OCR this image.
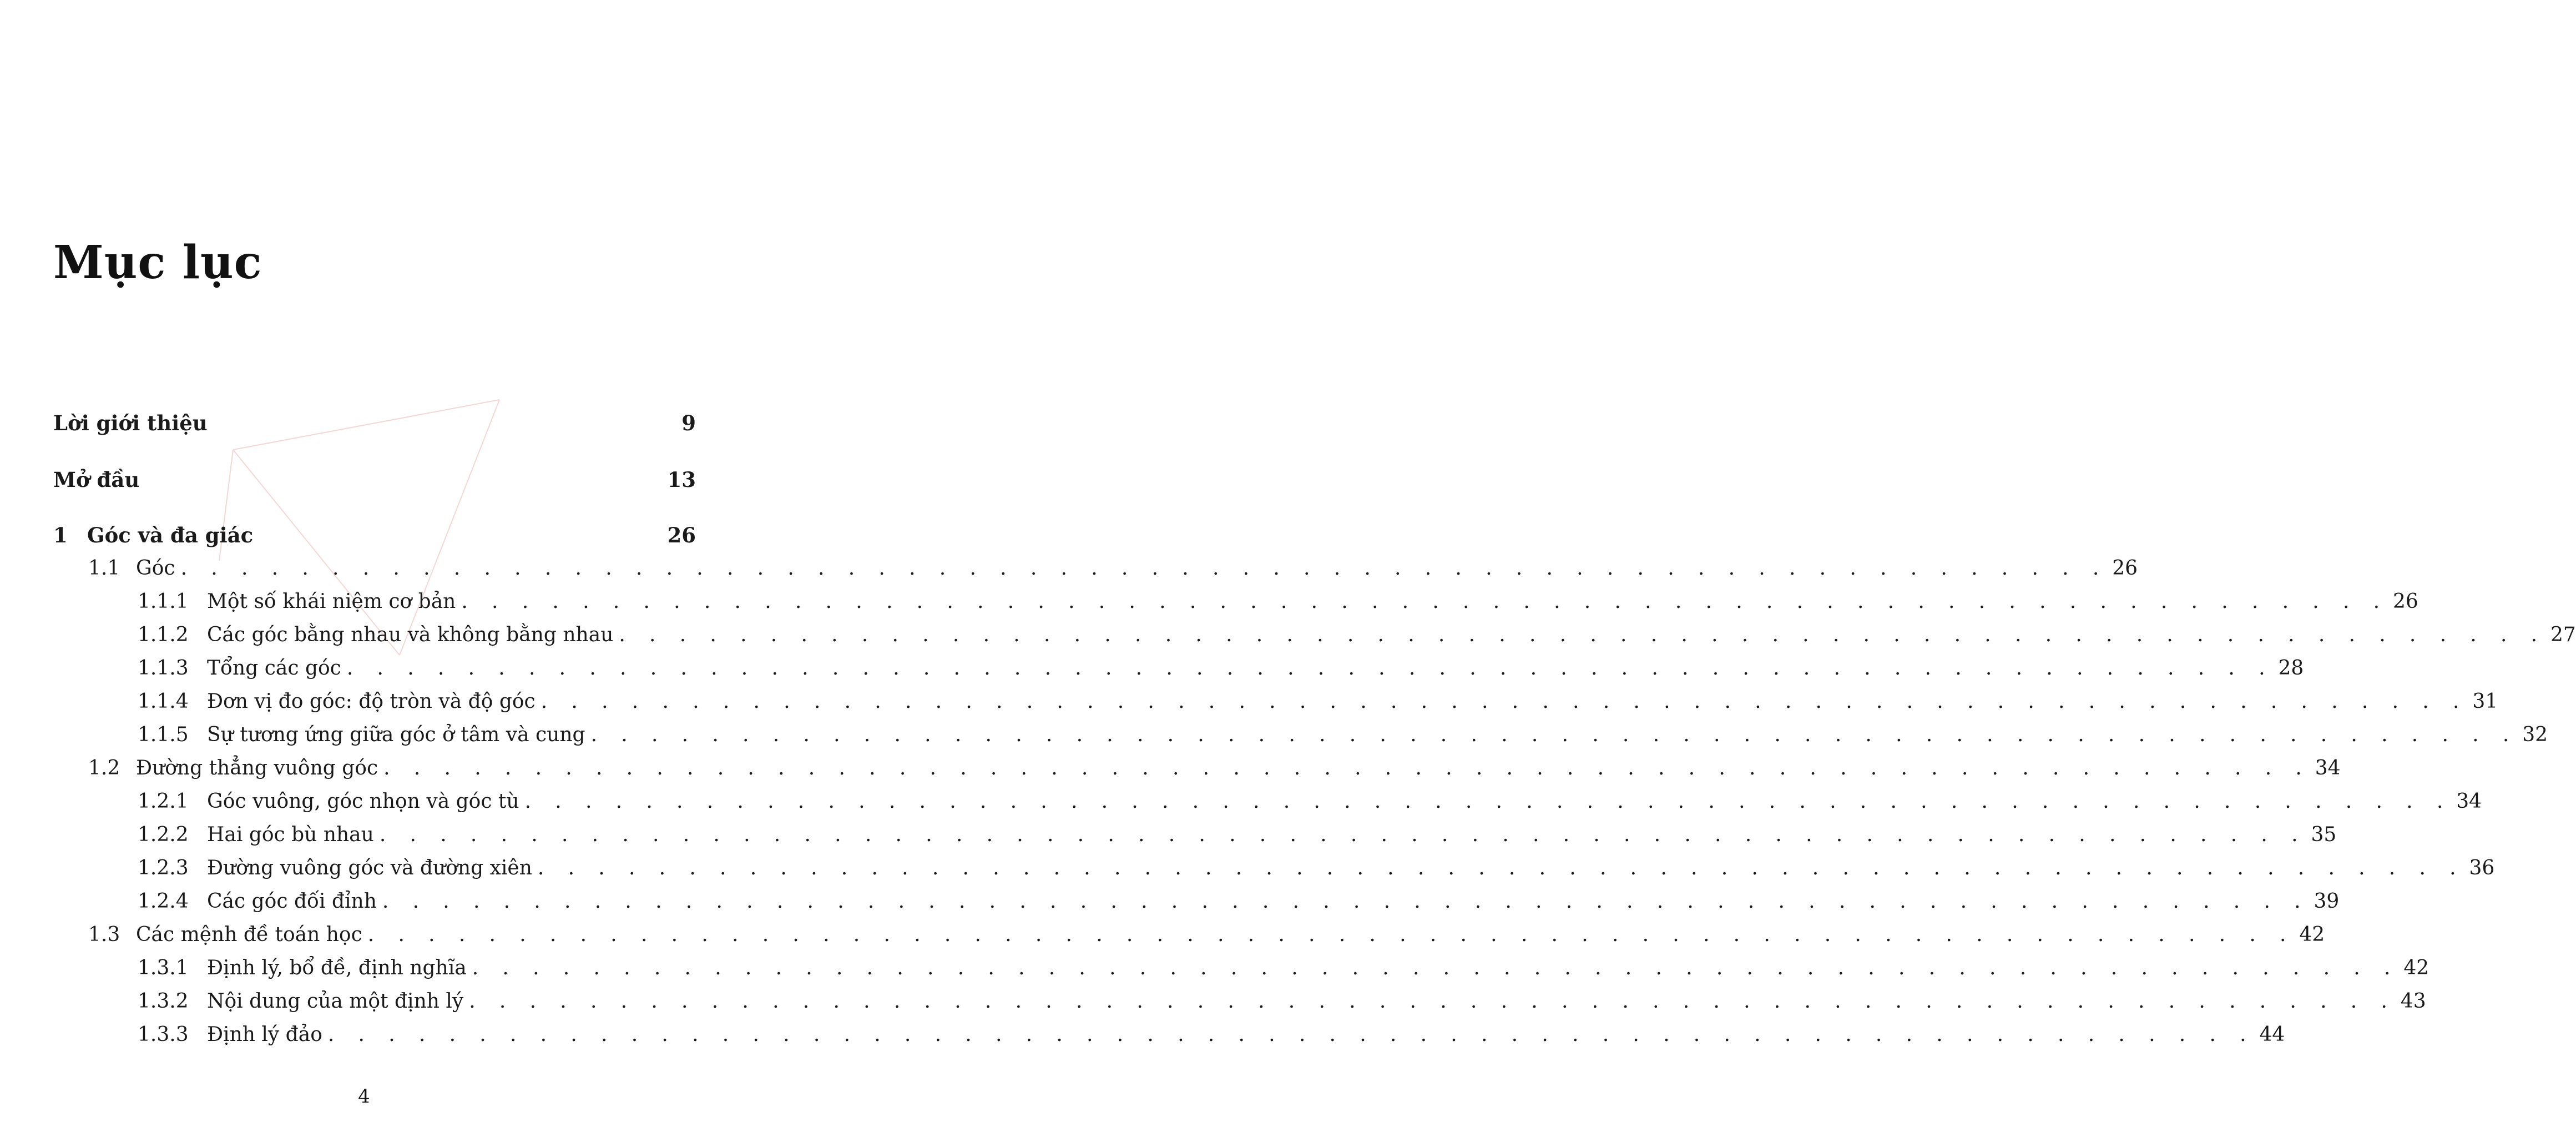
Mục lục
Lời giới thiệu	9
Mở đầu	13
1 Góc và đa giác	26
1.1 Góc . . . . . . . . . . . . . . . . . . . . . . . . . . . . . . . . . . . . . . . . . . . . . . . . . . . . . . . . . . . . . . . . 26
1.1.1 Một số khái niệm cơ bản . . . . . . . . . . . . . . . . . . . . . . . . . . . . . . . . . . . . . . . . . . . . . . . . . . . . . . . . . . . . . . . . 26
1.1.2 Các góc bằng nhau và không bằng nhau . . . . . . . . . . . . . . . . . . . . . . . . . . . . . . . . . . . . . . . . . . . . . . . . . . . . . . . . . . . . . . . . 27
1.1.3 Tổng các góc . . . . . . . . . . . . . . . . . . . . . . . . . . . . . . . . . . . . . . . . . . . . . . . . . . . . . . . . . . . . . . . . 28
1.1.4 Đơn vị đo góc: độ tròn và độ góc . . . . . . . . . . . . . . . . . . . . . . . . . . . . . . . . . . . . . . . . . . . . . . . . . . . . . . . . . . . . . . . . 31
1.1.5 Sự tương ứng giữa góc ở tâm và cung . . . . . . . . . . . . . . . . . . . . . . . . . . . . . . . . . . . . . . . . . . . . . . . . . . . . . . . . . . . . . . . . 32
1.2 Đường thẳng vuông góc . . . . . . . . . . . . . . . . . . . . . . . . . . . . . . . . . . . . . . . . . . . . . . . . . . . . . . . . . . . . . . . . 34
1.2.1 Góc vuông, góc nhọn và góc tù . . . . . . . . . . . . . . . . . . . . . . . . . . . . . . . . . . . . . . . . . . . . . . . . . . . . . . . . . . . . . . . . 34
1.2.2 Hai góc bù nhau . . . . . . . . . . . . . . . . . . . . . . . . . . . . . . . . . . . . . . . . . . . . . . . . . . . . . . . . . . . . . . . . 35
1.2.3 Đường vuông góc và đường xiên . . . . . . . . . . . . . . . . . . . . . . . . . . . . . . . . . . . . . . . . . . . . . . . . . . . . . . . . . . . . . . . . 36
1.2.4 Các góc đối đỉnh . . . . . . . . . . . . . . . . . . . . . . . . . . . . . . . . . . . . . . . . . . . . . . . . . . . . . . . . . . . . . . . . 39
1.3 Các mệnh đề toán học . . . . . . . . . . . . . . . . . . . . . . . . . . . . . . . . . . . . . . . . . . . . . . . . . . . . . . . . . . . . . . . . 42
1.3.1 Định lý, bổ đề, định nghĩa . . . . . . . . . . . . . . . . . . . . . . . . . . . . . . . . . . . . . . . . . . . . . . . . . . . . . . . . . . . . . . . . 42
1.3.2 Nội dung của một định lý . . . . . . . . . . . . . . . . . . . . . . . . . . . . . . . . . . . . . . . . . . . . . . . . . . . . . . . . . . . . . . . . 43
1.3.3 Định lý đảo . . . . . . . . . . . . . . . . . . . . . . . . . . . . . . . . . . . . . . . . . . . . . . . . . . . . . . . . . . . . . . . . 44
4
